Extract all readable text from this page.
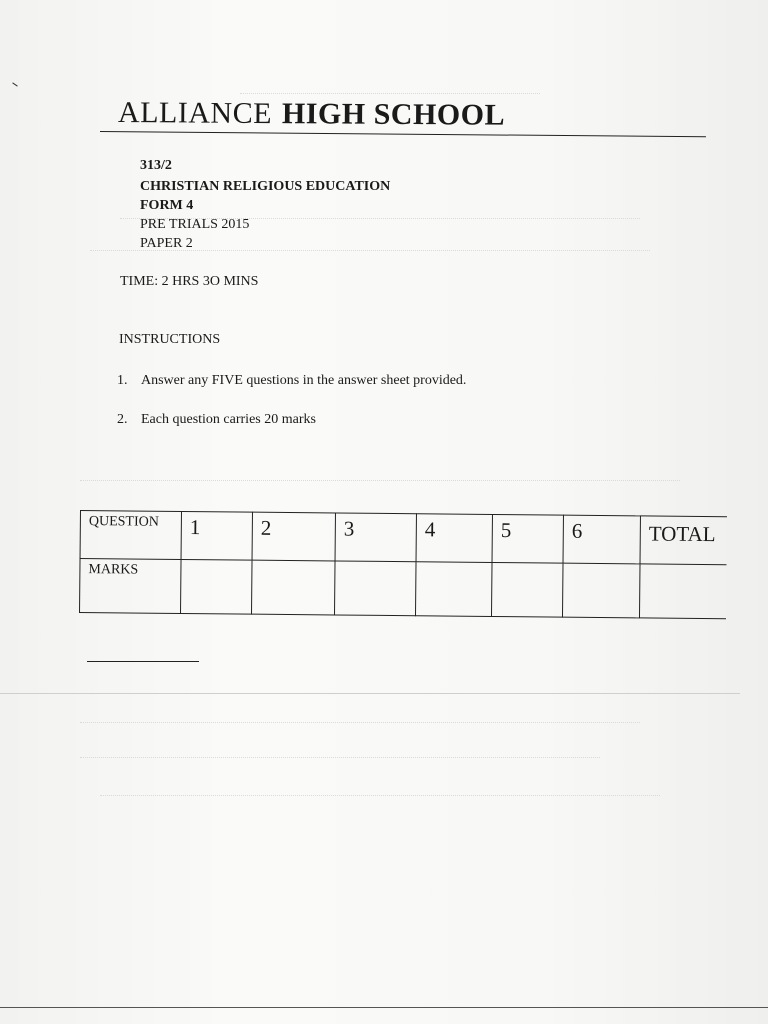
ALLIANCE HIGH SCHOOL
313/2
CHRISTIAN RELIGIOUS EDUCATION
FORM 4
PRE TRIALS 2015
PAPER 2
TIME: 2 HRS 3O MINS
INSTRUCTIONS
1. Answer any FIVE questions in the answer sheet provided.
2. Each question carries 20 marks
QUESTION	1	2	3	4	5	6	TOTAL
MARKS							
